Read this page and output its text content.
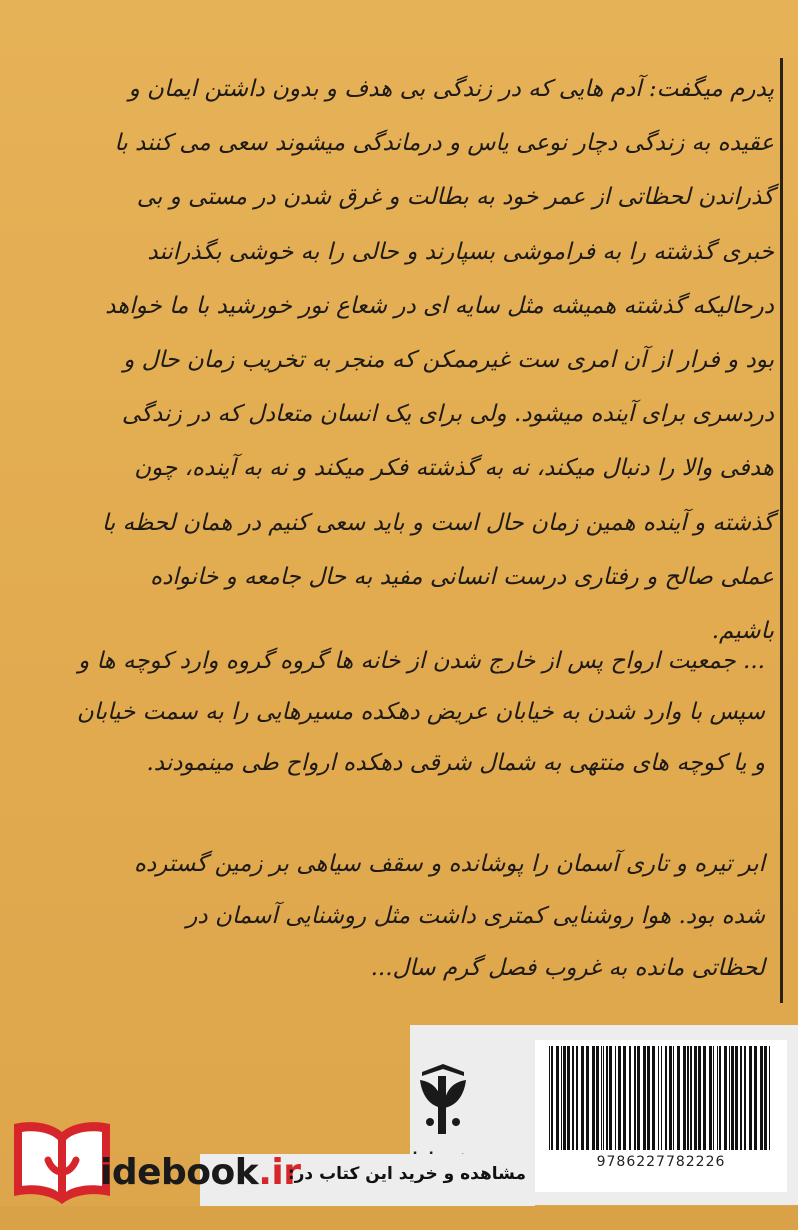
پدرم میگفت: آدم هایی که در زندگی بی هدف و بدون داشتن ایمان و عقیده به زندگی دچار نوعی یاس و درماندگی میشوند سعی می کنند با گذراندن لحظاتی از عمر خود به بطالت و غرق شدن در مستی و بی خبری گذشته را به فراموشی بسپارند و حالی را به خوشی بگذرانند درحالیکه گذشته همیشه مثل سایه ای در شعاع نور خورشید با ما خواهد بود و فرار از آن امری ست غیرممکن که منجر به تخریب زمان حال و دردسری برای آینده میشود. ولی برای یک انسان متعادل که در زندگی هدفی والا را دنبال میکند، نه به گذشته فکر میکند و نه به آینده، چون گذشته و آینده همین زمان حال است و باید سعی کنیم در همان لحظه با عملی صالح و رفتاری درست انسانی مفید به حال جامعه و خانواده باشیم.

... جمعیت ارواح پس از خارج شدن از خانه ها گروه گروه وارد کوچه ها و سپس با وارد شدن به خیابان عریض دهکده مسیرهایی را به سمت خیابان و یا کوچه های منتهی به شمال شرقی دهکده ارواح طی مینمودند.

ابر تیره و تاری آسمان را پوشانده و سقف سیاهی بر زمین گسترده شده بود. هوا روشنایی کمتری داشت مثل روشنایی آسمان در لحظاتی مانده به غروب فصل گرم سال...

9786227782226
idebook.ir
مشاهده و خرید این کتاب در:
